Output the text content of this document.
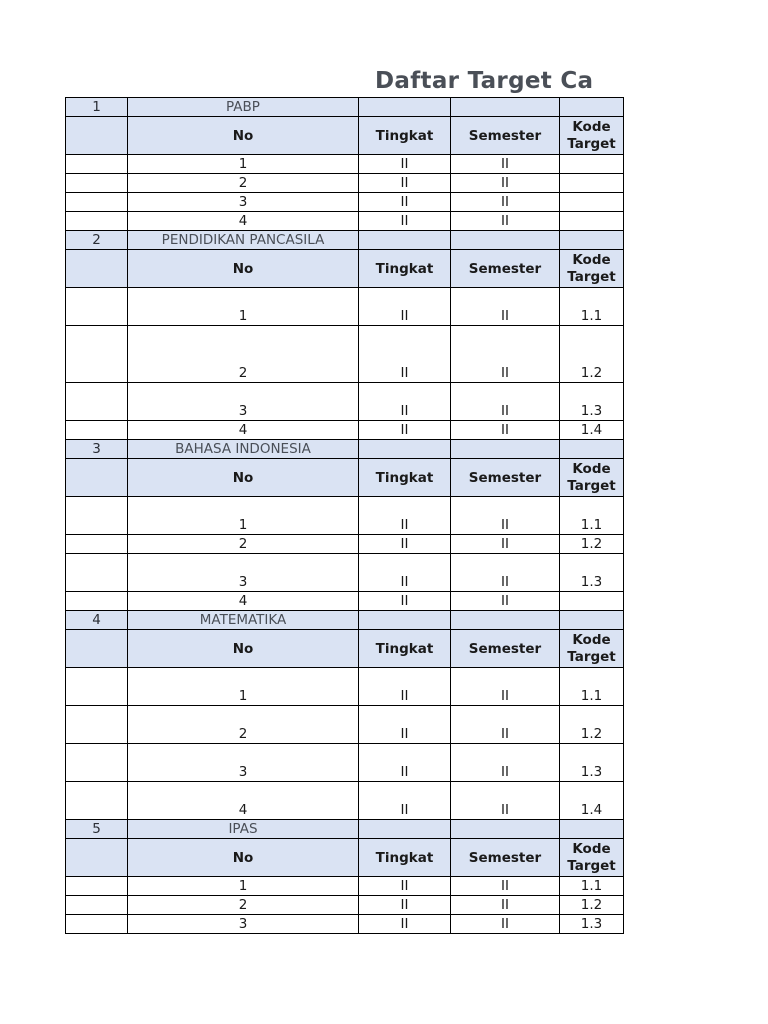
Daftar Target Ca
1	PABP			
	No	Tingkat	Semester	Kode Target
	1	II	II	
	2	II	II	
	3	II	II	
	4	II	II	
2	PENDIDIKAN PANCASILA			
	No	Tingkat	Semester	Kode Target
	1	II	II	1.1
	2	II	II	1.2
	3	II	II	1.3
	4	II	II	1.4
3	BAHASA INDONESIA			
	No	Tingkat	Semester	Kode Target
	1	II	II	1.1
	2	II	II	1.2
	3	II	II	1.3
	4	II	II	
4	MATEMATIKA			
	No	Tingkat	Semester	Kode Target
	1	II	II	1.1
	2	II	II	1.2
	3	II	II	1.3
	4	II	II	1.4
5	IPAS			
	No	Tingkat	Semester	Kode Target
	1	II	II	1.1
	2	II	II	1.2
	3	II	II	1.3
